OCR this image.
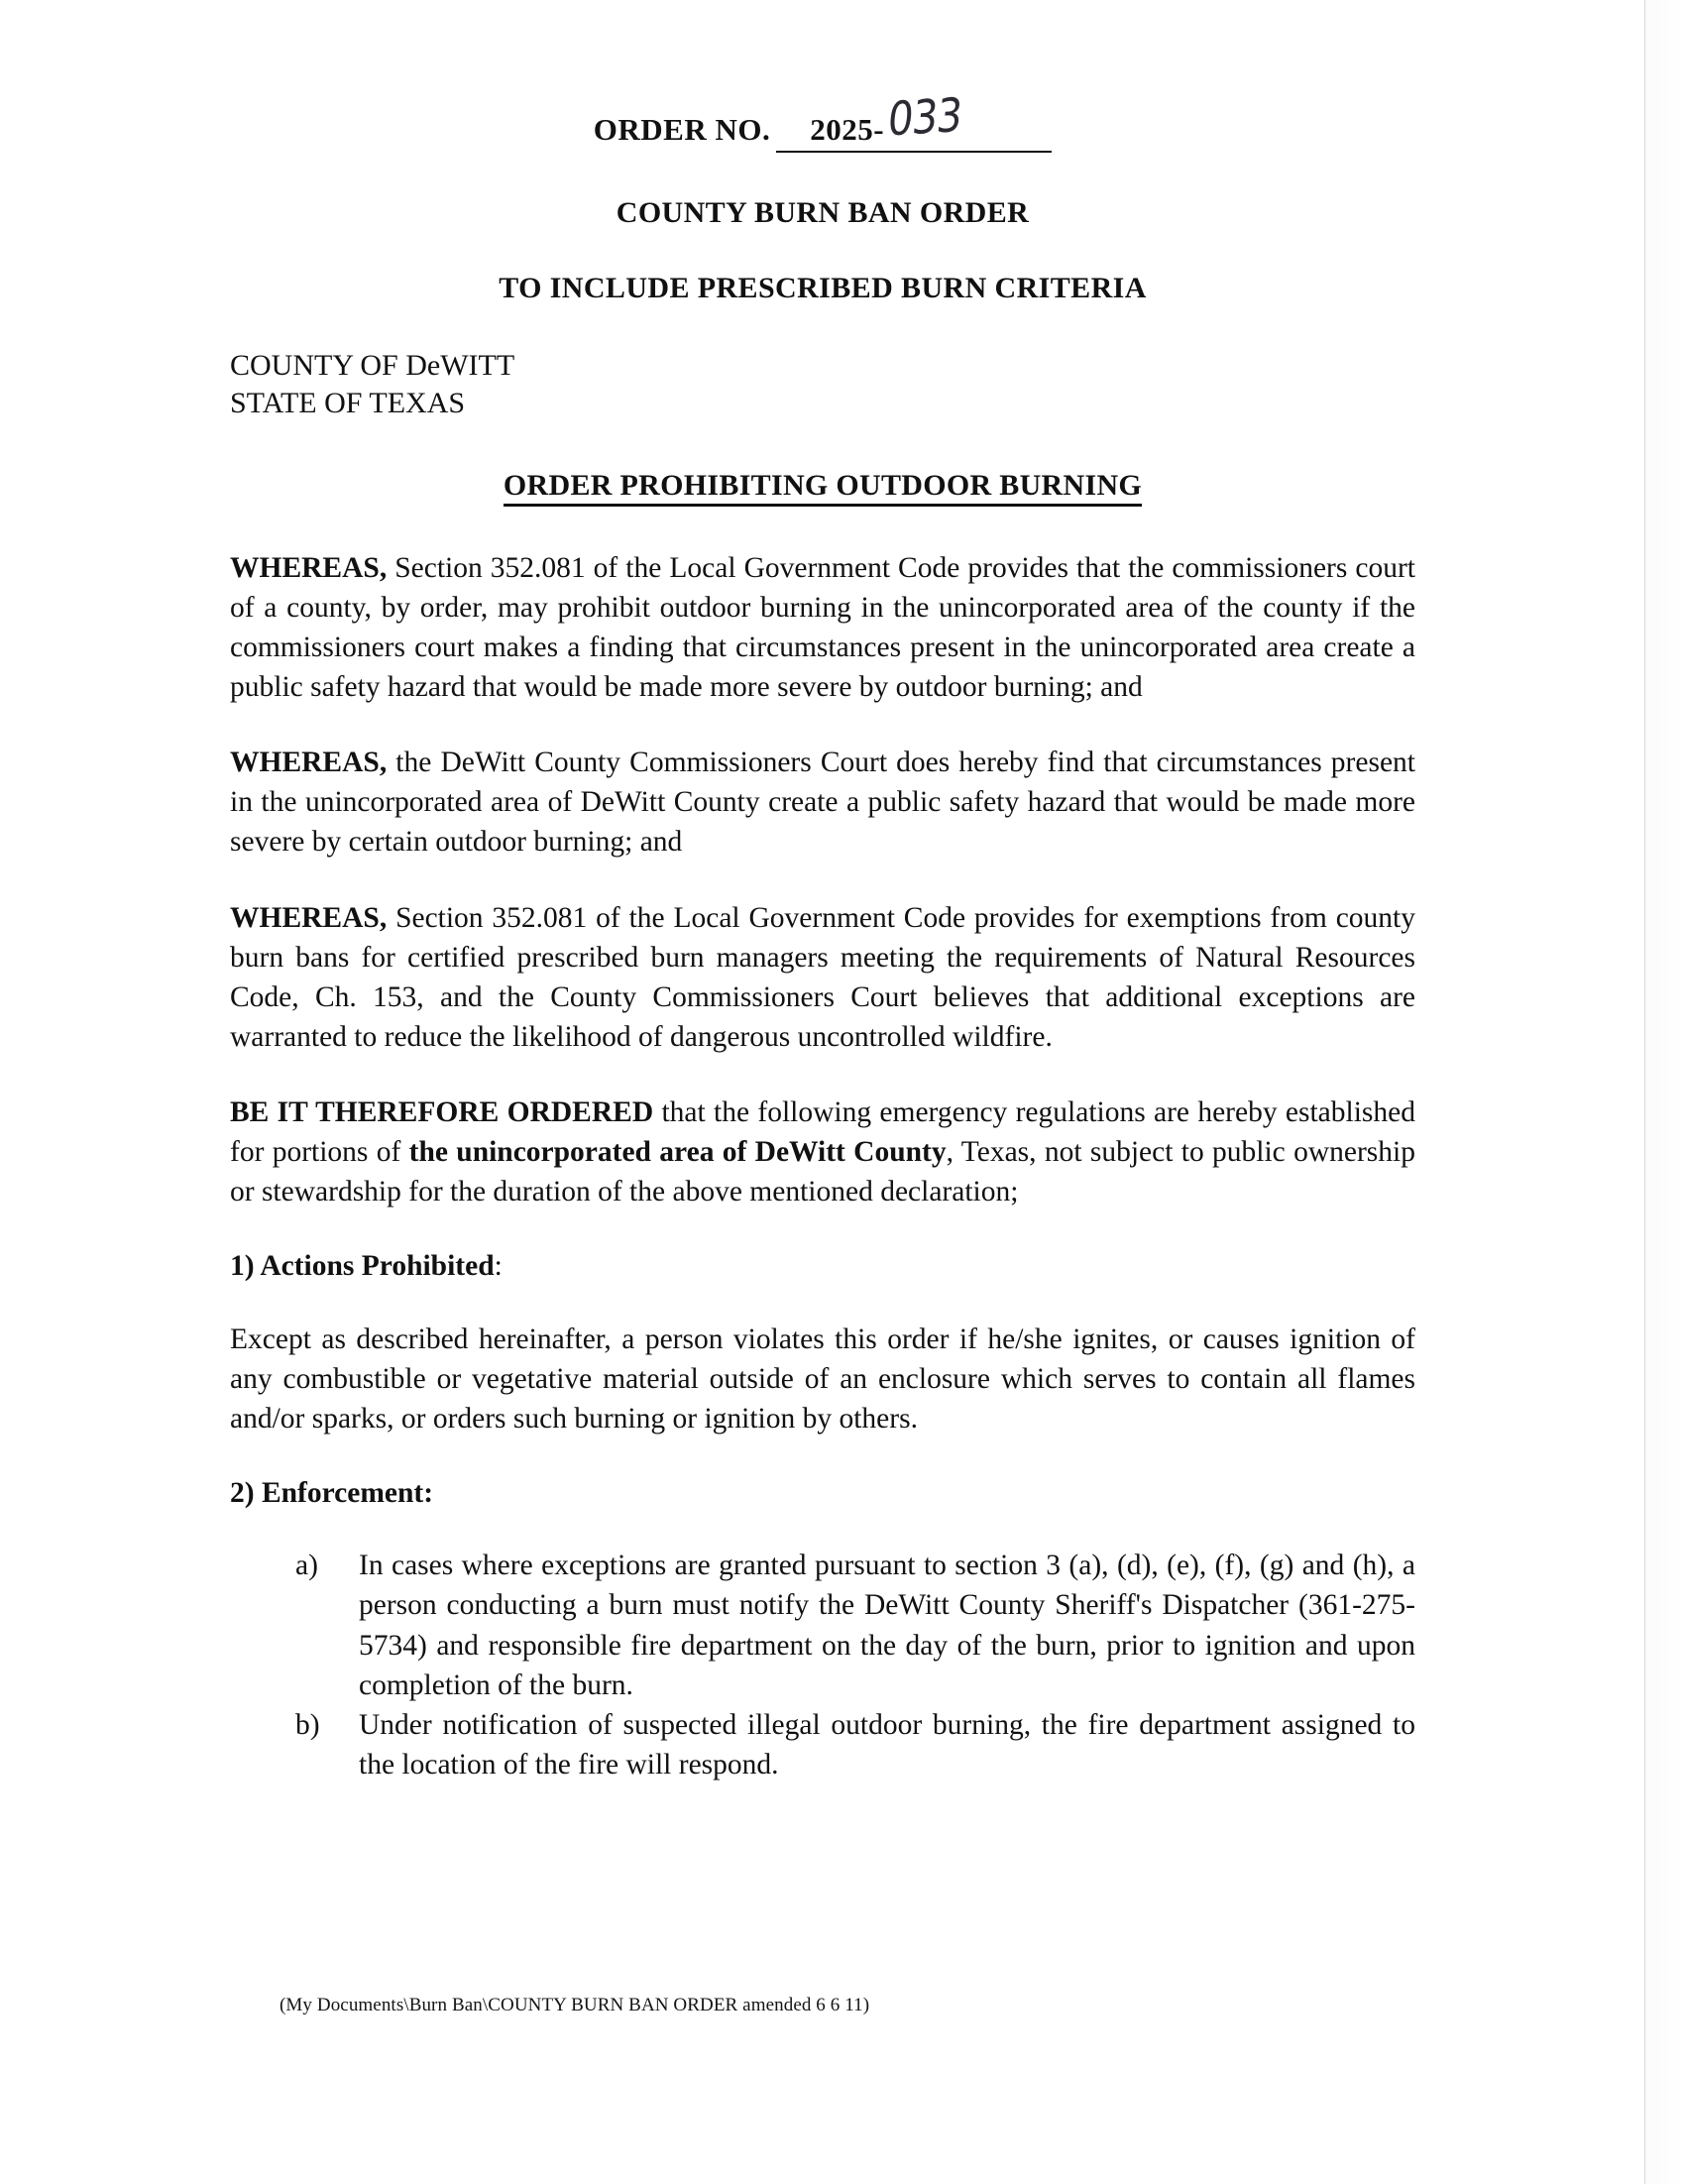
ORDER NO. 2025-033
COUNTY BURN BAN ORDER
TO INCLUDE PRESCRIBED BURN CRITERIA
COUNTY OF DeWITT
STATE OF TEXAS
ORDER PROHIBITING OUTDOOR BURNING

WHEREAS, Section 352.081 of the Local Government Code provides that the commissioners court of a county, by order, may prohibit outdoor burning in the unincorporated area of the county if the commissioners court makes a finding that circumstances present in the unincorporated area create a public safety hazard that would be made more severe by outdoor burning; and

WHEREAS, the DeWitt County Commissioners Court does hereby find that circumstances present in the unincorporated area of DeWitt County create a public safety hazard that would be made more severe by certain outdoor burning; and

WHEREAS, Section 352.081 of the Local Government Code provides for exemptions from county burn bans for certified prescribed burn managers meeting the requirements of Natural Resources Code, Ch. 153, and the County Commissioners Court believes that additional exceptions are warranted to reduce the likelihood of dangerous uncontrolled wildfire.

BE IT THEREFORE ORDERED that the following emergency regulations are hereby established for portions of the unincorporated area of DeWitt County, Texas, not subject to public ownership or stewardship for the duration of the above mentioned declaration;

1) Actions Prohibited:

Except as described hereinafter, a person violates this order if he/she ignites, or causes ignition of any combustible or vegetative material outside of an enclosure which serves to contain all flames and/or sparks, or orders such burning or ignition by others.

2) Enforcement:
a)	In cases where exceptions are granted pursuant to section 3 (a), (d), (e), (f), (g) and (h), a person conducting a burn must notify the DeWitt County Sheriff's Dispatcher (361-275-5734) and responsible fire department on the day of the burn, prior to ignition and upon completion of the burn.
b)	Under notification of suspected illegal outdoor burning, the fire department assigned to the location of the fire will respond.
(My Documents\Burn Ban\COUNTY BURN BAN ORDER amended 6 6 11)
